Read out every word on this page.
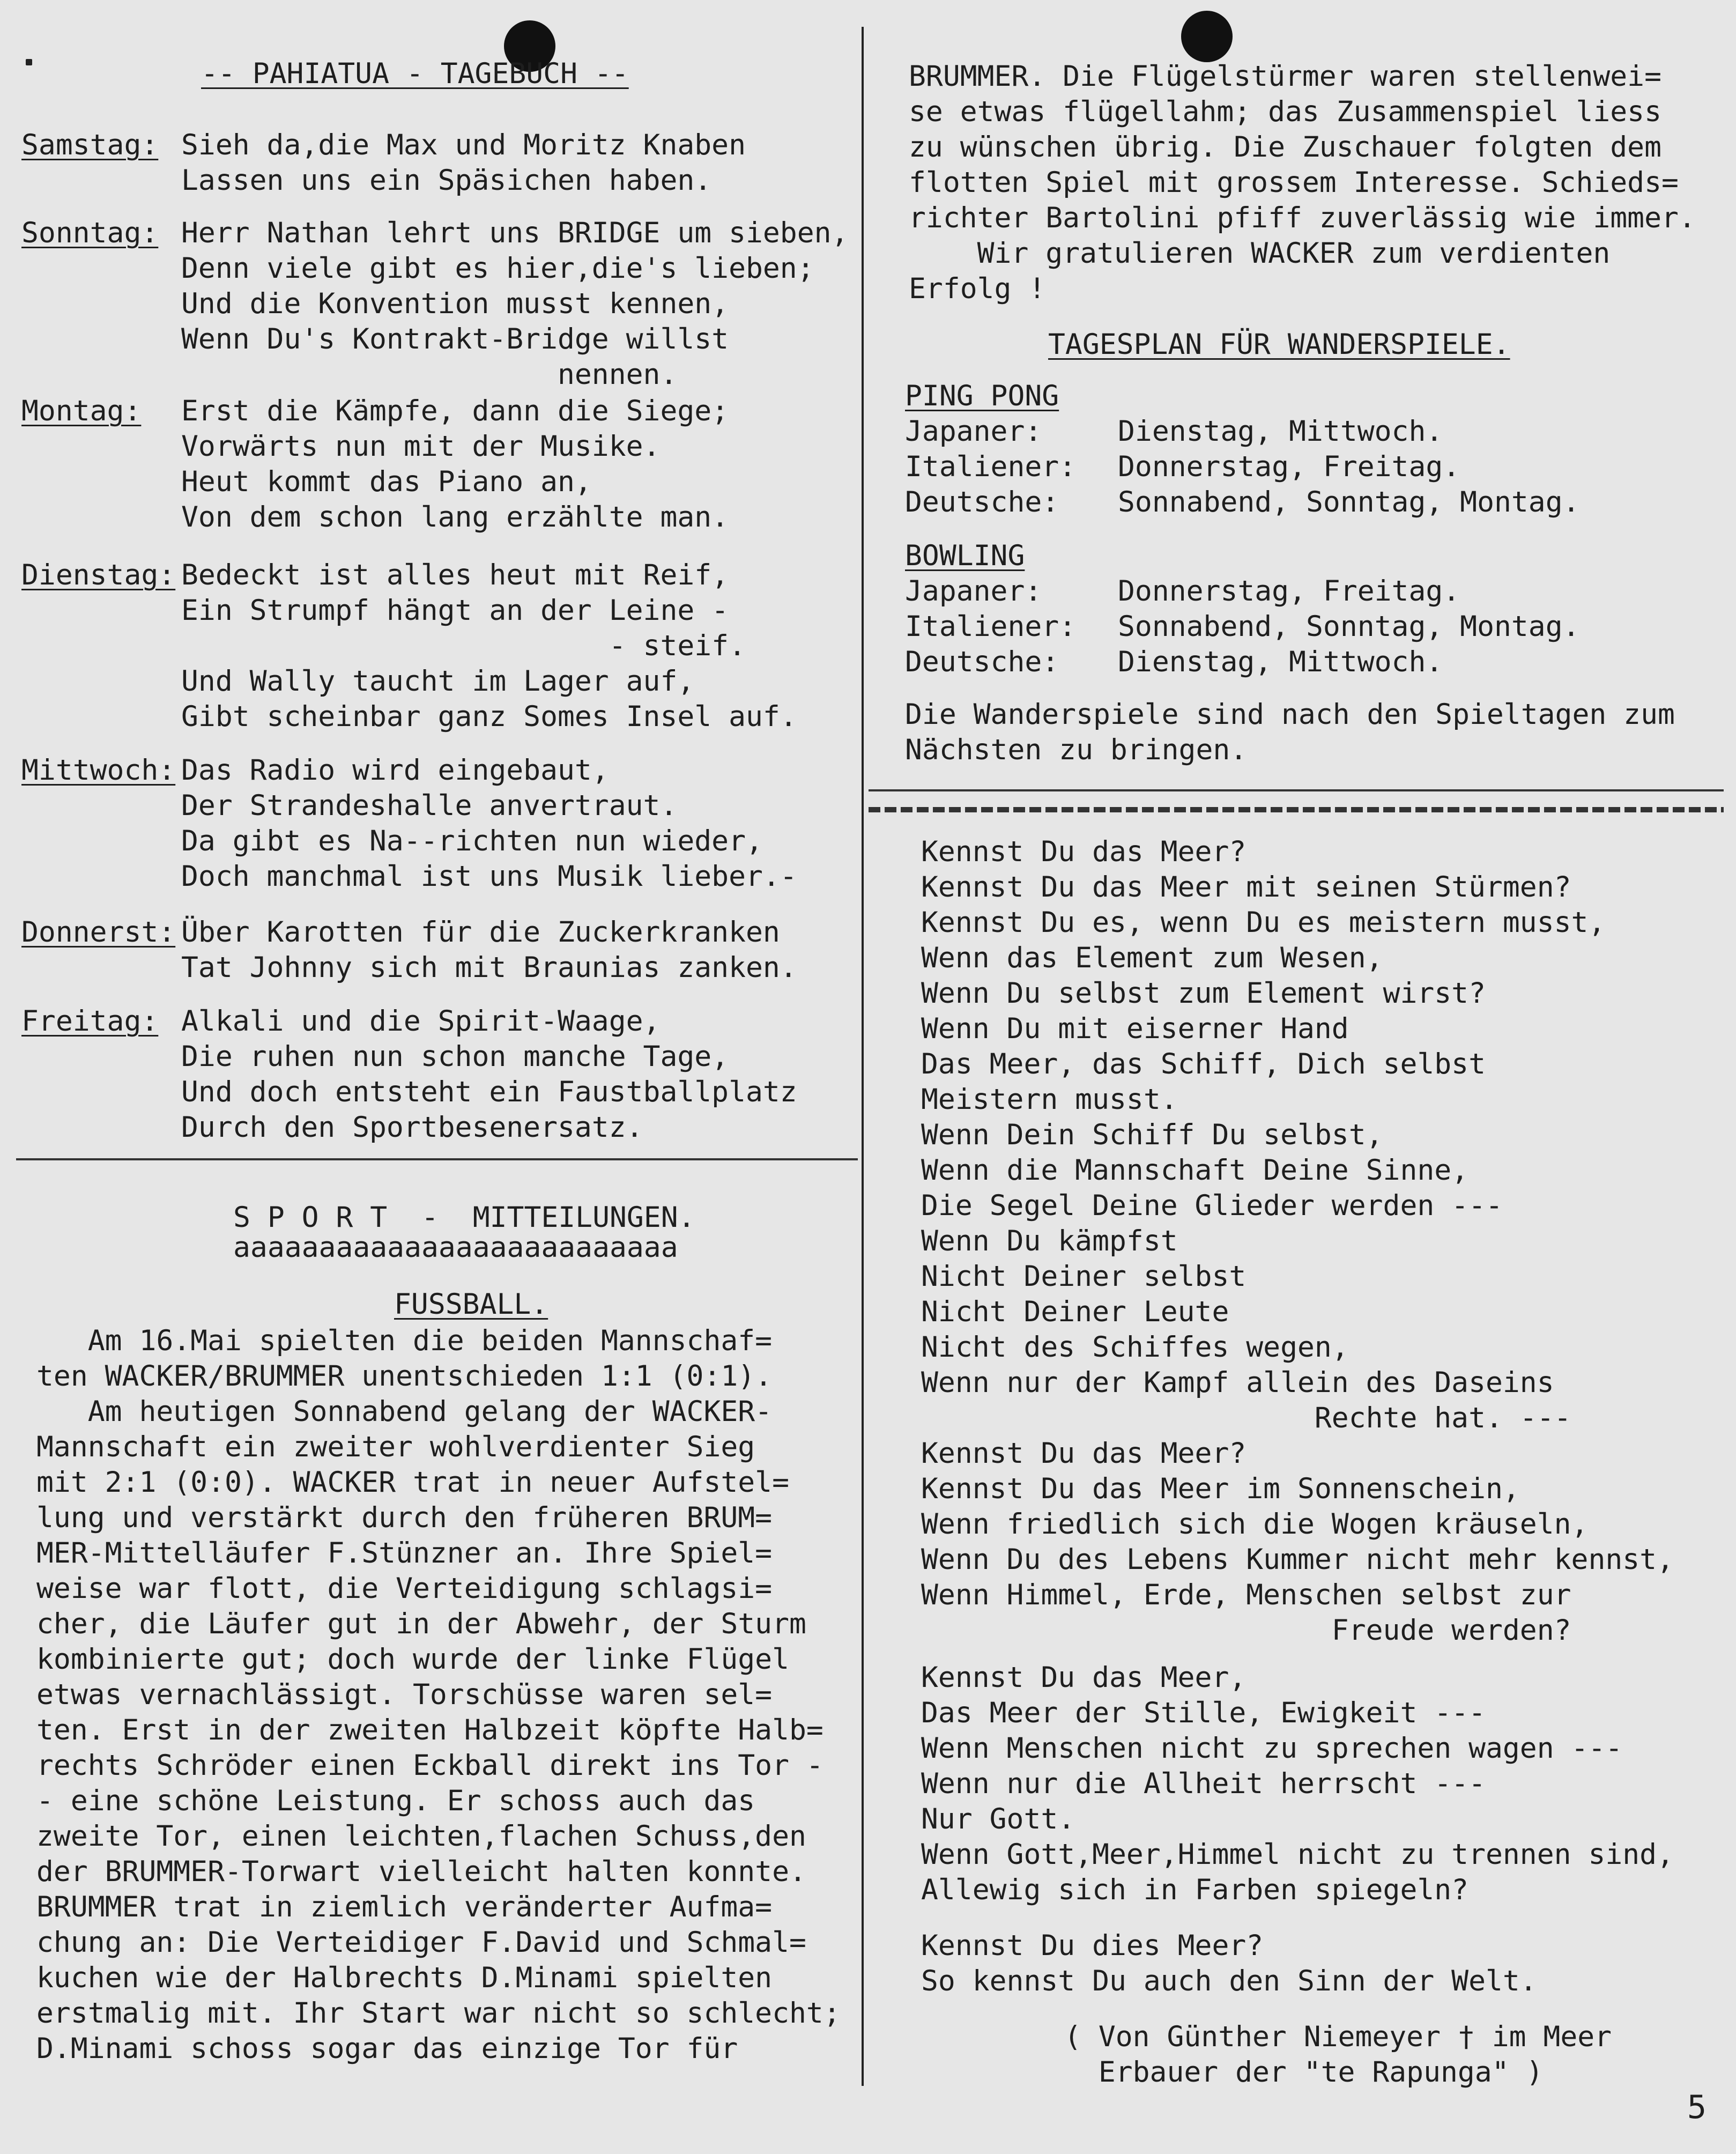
-- PAHIATUA - TAGEBUCH --
Samstag: Sieh da,die Max und Moritz Knaben
Lassen uns ein Späsichen haben.
Sonntag: Herr Nathan lehrt uns BRIDGE um sieben,
Denn viele gibt es hier,die's lieben;
Und die Konvention musst kennen,
Wenn Du's Kontrakt-Bridge willst
nennen.
Montag:	Erst die Kämpfe, dann die Siege;
Vorwärts nun mit der Musike.
Heut kommt das Piano an,
Von dem schon lang erzählte man.
Dienstag: Bedeckt ist alles heut mit Reif,
Ein Strumpf hängt an der Leine -
- steif.
Und Wally taucht im Lager auf,
Gibt scheinbar ganz Somes Insel auf.
Mittwoch: Das Radio wird eingebaut,
Der Strandeshalle anvertraut.
Da gibt es Na--richten nun wieder,
Doch manchmal ist uns Musik lieber.-
Donnerst: Über Karotten für die Zuckerkranken
Tat Johnny sich mit Braunias zanken.
Freitag: Alkali und die Spirit-Waage,
Die ruhen nun schon manche Tage,
Und doch entsteht ein Faustballplatz
Durch den Sportbesenersatz.
S P O R T  -  MITTEILUNGEN.
aaaaaaaaaaaaaaaaaaaaaaaaaa
FUSSBALL.
Am 16.Mai spielten die beiden Mannschaf=
ten WACKER/BRUMMER unentschieden 1:1 (0:1).
Am heutigen Sonnabend gelang der WACKER-
Mannschaft ein zweiter wohlverdienter Sieg
mit 2:1 (0:0). WACKER trat in neuer Aufstel=
lung und verstärkt durch den früheren BRUM=
MER-Mittelläufer F.Stünzner an. Ihre Spiel=
weise war flott, die Verteidigung schlagsi=
cher, die Läufer gut in der Abwehr, der Sturm
kombinierte gut; doch wurde der linke Flügel
etwas vernachlässigt. Torschüsse waren sel=
ten. Erst in der zweiten Halbzeit köpfte Halb=
rechts Schröder einen Eckball direkt ins Tor -
- eine schöne Leistung. Er schoss auch das
zweite Tor, einen leichten,flachen Schuss,den
der BRUMMER-Torwart vielleicht halten konnte.
BRUMMER trat in ziemlich veränderter Aufma=
chung an: Die Verteidiger F.David und Schmal=
kuchen wie der Halbrechts D.Minami spielten
erstmalig mit. Ihr Start war nicht so schlecht;
D.Minami schoss sogar das einzige Tor für
BRUMMER. Die Flügelstürmer waren stellenwei=
se etwas flügellahm; das Zusammenspiel liess
zu wünschen übrig. Die Zuschauer folgten dem
flotten Spiel mit grossem Interesse. Schieds=
richter Bartolini pfiff zuverlässig wie immer.
Wir gratulieren WACKER zum verdienten
Erfolg !
TAGESPLAN FÜR WANDERSPIELE.
PING PONG
Japaner:	Dienstag, Mittwoch.
Italiener: Donnerstag, Freitag.
Deutsche: Sonnabend, Sonntag, Montag.
BOWLING
Japaner:	Donnerstag, Freitag.
Italiener: Sonnabend, Sonntag, Montag.
Deutsche: Dienstag, Mittwoch.
Die Wanderspiele sind nach den Spieltagen zum
Nächsten zu bringen.
Kennst Du das Meer?
Kennst Du das Meer mit seinen Stürmen?
Kennst Du es, wenn Du es meistern musst,
Wenn das Element zum Wesen,
Wenn Du selbst zum Element wirst?
Wenn Du mit eiserner Hand
Das Meer, das Schiff, Dich selbst
Meistern musst.
Wenn Dein Schiff Du selbst,
Wenn die Mannschaft Deine Sinne,
Die Segel Deine Glieder werden ---
Wenn Du kämpfst
Nicht Deiner selbst
Nicht Deiner Leute
Nicht des Schiffes wegen,
Wenn nur der Kampf allein des Daseins
Rechte hat. ---
Kennst Du das Meer?
Kennst Du das Meer im Sonnenschein,
Wenn friedlich sich die Wogen kräuseln,
Wenn Du des Lebens Kummer nicht mehr kennst,
Wenn Himmel, Erde, Menschen selbst zur
Freude werden?
Kennst Du das Meer,
Das Meer der Stille, Ewigkeit ---
Wenn Menschen nicht zu sprechen wagen ---
Wenn nur die Allheit herrscht ---
Nur Gott.
Wenn Gott,Meer,Himmel nicht zu trennen sind,
Allewig sich in Farben spiegeln?
Kennst Du dies Meer?
So kennst Du auch den Sinn der Welt.
( Von Günther Niemeyer † im Meer
Erbauer der "te Rapunga" )
5
